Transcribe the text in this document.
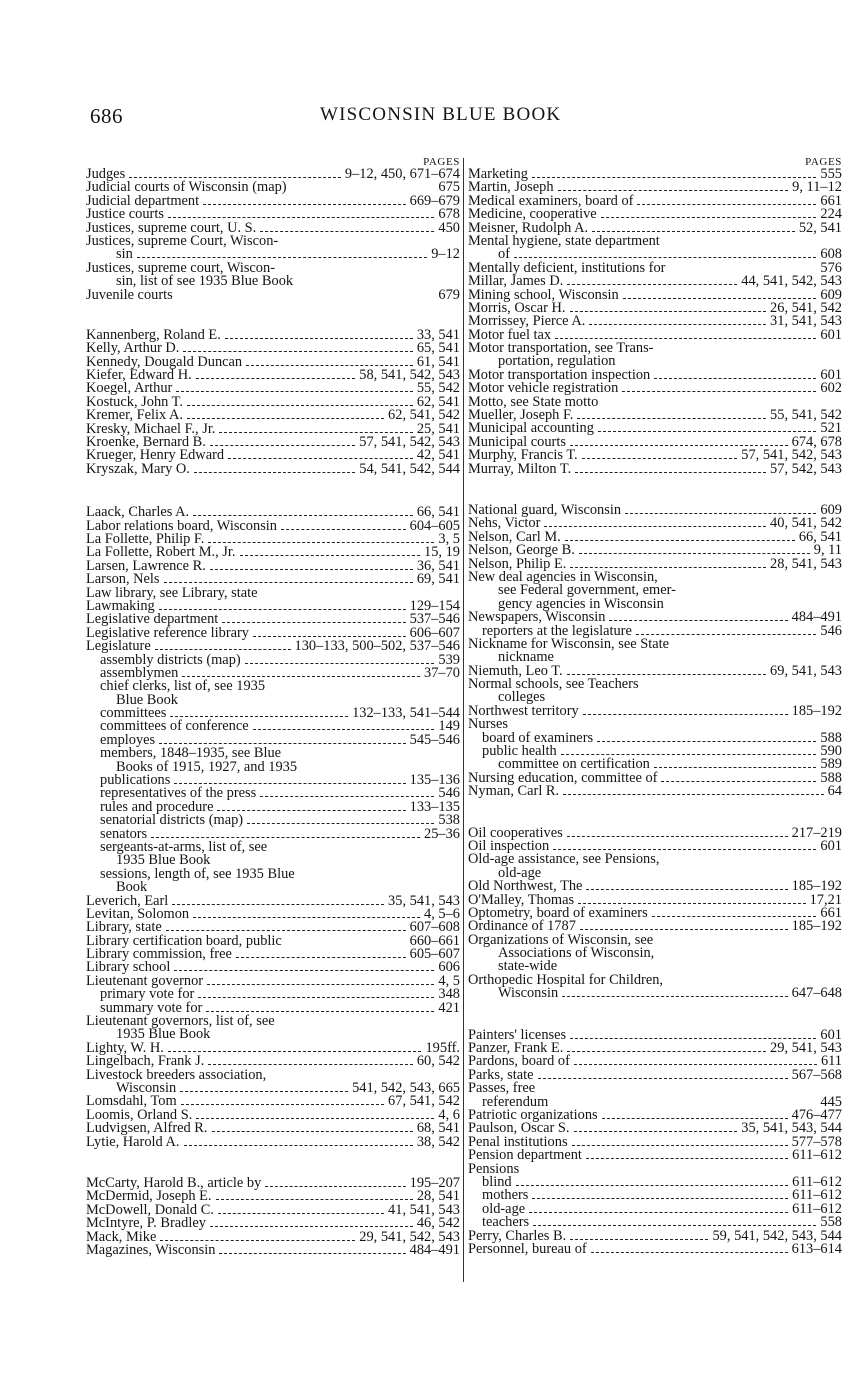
686	WISCONSIN BLUE BOOK
PAGES
Judges	9–12, 450, 671–674
Judicial courts of Wisconsin (map)	675
Judicial department	669–679
Justice courts	678
Justices, supreme court, U. S.	450
Justices, supreme Court, Wiscon-
sin	9–12
Justices, supreme court, Wiscon-
sin, list of see 1935 Blue Book
Juvenile courts	679
Kannenberg, Roland E.	33, 541
Kelly, Arthur D.	65, 541
Kennedy, Dougald Duncan	61, 541
Kiefer, Edward H.	58, 541, 542, 543
Koegel, Arthur	55, 542
Kostuck, John T.	62, 541
Kremer, Felix A.	62, 541, 542
Kresky, Michael F., Jr.	25, 541
Kroenke, Bernard B.	57, 541, 542, 543
Krueger, Henry Edward	42, 541
Kryszak, Mary O.	54, 541, 542, 544
Laack, Charles A.	66, 541
Labor relations board, Wisconsin	604–605
La Follette, Philip F.	3, 5
La Follette, Robert M., Jr.	15, 19
Larsen, Lawrence R.	36, 541
Larson, Nels	69, 541
Law library, see Library, state
Lawmaking	129–154
Legislative department	537–546
Legislative reference library	606–607
Legislature	130–133, 500–502, 537–546
assembly districts (map)	539
assemblymen	37–70
chief clerks, list of, see 1935
Blue Book
committees	132–133, 541–544
committees of conference	149
employes	545–546
members, 1848–1935, see Blue
Books of 1915, 1927, and 1935
publications	135–136
representatives of the press	546
rules and procedure	133–135
senatorial districts (map)	538
senators	25–36
sergeants-at-arms, list of, see
1935 Blue Book
sessions, length of, see 1935 Blue
Book
Leverich, Earl	35, 541, 543
Levitan, Solomon	4, 5–6
Library, state	607–608
Library certification board, public	660–661
Library commission, free	605–607
Library school	606
Lieutenant governor	4, 5
primary vote for	348
summary vote for	421
Lieutenant governors, list of, see
1935 Blue Book
Lighty, W. H.	195ff.
Lingelbach, Frank J.	60, 542
Livestock breeders association,
Wisconsin	541, 542, 543, 665
Lomsdahl, Tom	67, 541, 542
Loomis, Orland S.	4, 6
Ludvigsen, Alfred R.	68, 541
Lytie, Harold A.	38, 542
McCarty, Harold B., article by	195–207
McDermid, Joseph E.	28, 541
McDowell, Donald C.	41, 541, 543
McIntyre, P. Bradley	46, 542
Mack, Mike	29, 541, 542, 543
Magazines, Wisconsin	484–491
PAGES
Marketing	555
Martin, Joseph	9, 11–12
Medical examiners, board of	661
Medicine, cooperative	224
Meisner, Rudolph A.	52, 541
Mental hygiene, state department
of	608
Mentally deficient, institutions for	576
Millar, James D.	44, 541, 542, 543
Mining school, Wisconsin	609
Morris, Oscar H.	26, 541, 542
Morrissey, Pierce A.	31, 541, 543
Motor fuel tax	601
Motor transportation, see Trans-
portation, regulation
Motor transportation inspection	601
Motor vehicle registration	602
Motto, see State motto
Mueller, Joseph F.	55, 541, 542
Municipal accounting	521
Municipal courts	674, 678
Murphy, Francis T.	57, 541, 542, 543
Murray, Milton T.	57, 542, 543
National guard, Wisconsin	609
Nehs, Victor	40, 541, 542
Nelson, Carl M.	66, 541
Nelson, George B.	9, 11
Nelson, Philip E.	28, 541, 543
New deal agencies in Wisconsin,
see Federal government, emer-
gency agencies in Wisconsin
Newspapers, Wisconsin	484–491
reporters at the legislature	546
Nickname for Wisconsin, see State
nickname
Niemuth, Leo T.	69, 541, 543
Normal schools, see Teachers
colleges
Northwest territory	185–192
Nurses
board of examiners	588
public health	590
committee on certification	589
Nursing education, committee of	588
Nyman, Carl R.	64
Oil cooperatives	217–219
Oil inspection	601
Old-age assistance, see Pensions,
old-age
Old Northwest, The	185–192
O'Malley, Thomas	17,21
Optometry, board of examiners	661
Ordinance of 1787	185–192
Organizations of Wisconsin, see
Associations of Wisconsin,
state-wide
Orthopedic Hospital for Children,
Wisconsin	647–648
Painters' licenses	601
Panzer, Frank E.	29, 541, 543
Pardons, board of	611
Parks, state	567–568
Passes, free
referendum	445
Patriotic organizations	476–477
Paulson, Oscar S.	35, 541, 543, 544
Penal institutions	577–578
Pension department	611–612
Pensions
blind	611–612
mothers	611–612
old-age	611–612
teachers	558
Perry, Charles B.	59, 541, 542, 543, 544
Personnel, bureau of	613–614
